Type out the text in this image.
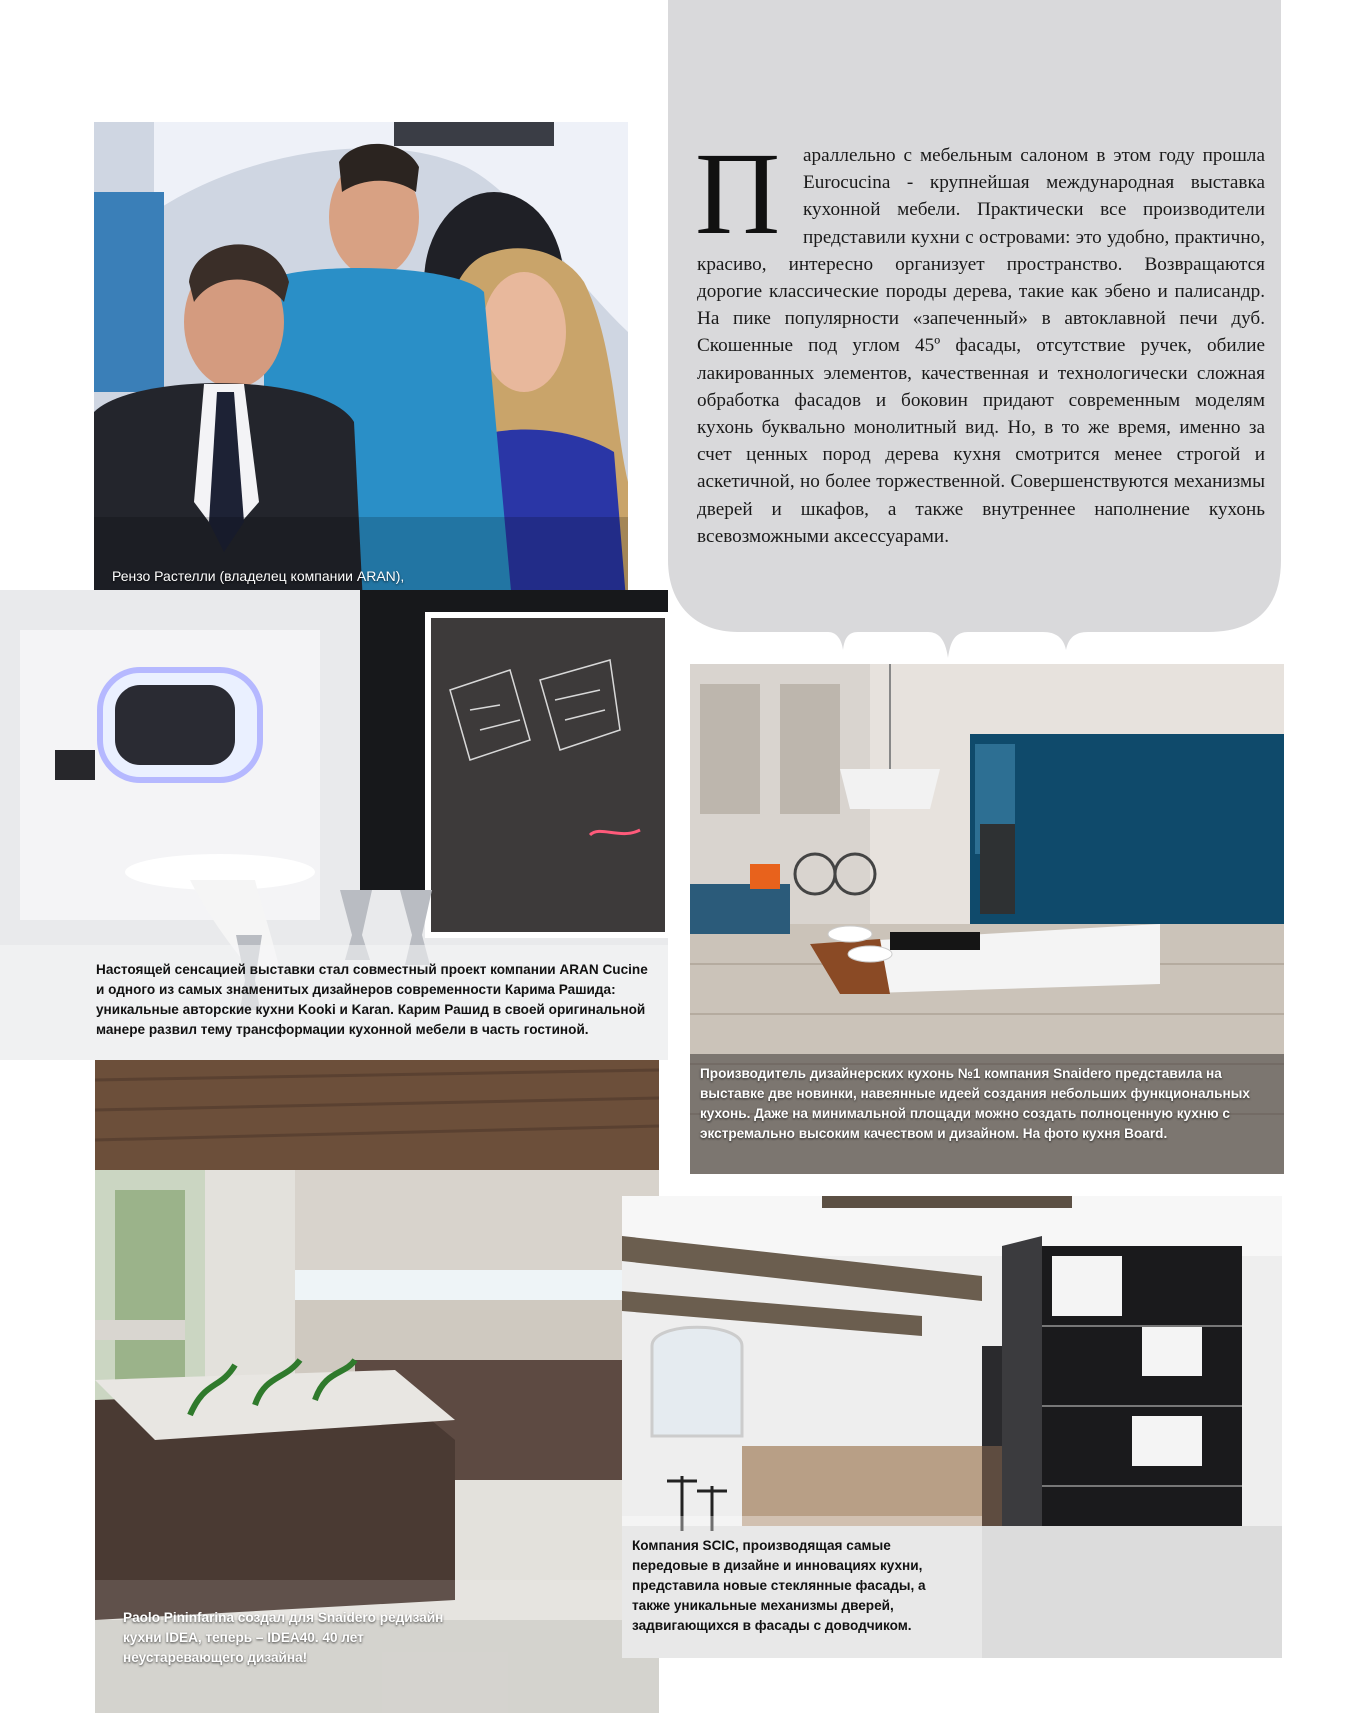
П	араллельно с мебельным салоном в этом году прошла Eurocucina - крупнейшая международная выставка кухонной мебели. Практически все производители представили кухни с островами: это удобно, практично, красиво, интересно организует пространство. Возвращаются дорогие классические породы дерева, такие как эбено и палисандр. На пике популярности «запеченный» в автоклавной печи дуб. Скошенные под углом 45º фасады, отсутствие ручек, обилие лакированных элементов, качественная и технологически сложная обработка фасадов и боковин придают современным моделям кухонь буквально монолитный вид. Но, в то же время, именно за счет ценных пород дерева кухня смотрится менее строгой и аскетичной, но более торжественной. Совершенствуются механизмы дверей и шкафов, а также внутреннее наполнение кухонь всевозможными аксессуарами.
Рензо Растелли (владелец компании ARAN),
Настоящей сенсацией выставки стал совместный проект компании ARAN Cucine и одного из самых знаменитых дизайнеров современности Карима Рашида: уникальные авторские кухни Kooki и Karan. Карим Рашид в своей оригинальной манере развил тему трансформации кухонной мебели в часть гостиной.
Производитель дизайнерских кухонь №1 компания Snaidero представила на выставке две новинки, навеянные идеей создания небольших функциональных кухонь. Даже на минимальной площади можно создать полноценную кухню с экстремально высоким качеством и дизайном. На фото кухня Board.
Paolo Pininfarina создал для Snaidero редизайн кухни IDEA, теперь – IDEA40. 40 лет неустаревающего дизайна!
Компания SCIC, производящая самые передовые в дизайне и инновациях кухни, представила новые стеклянные фасады, а также уникальные механизмы дверей, задвигающихся в фасады с доводчиком.
